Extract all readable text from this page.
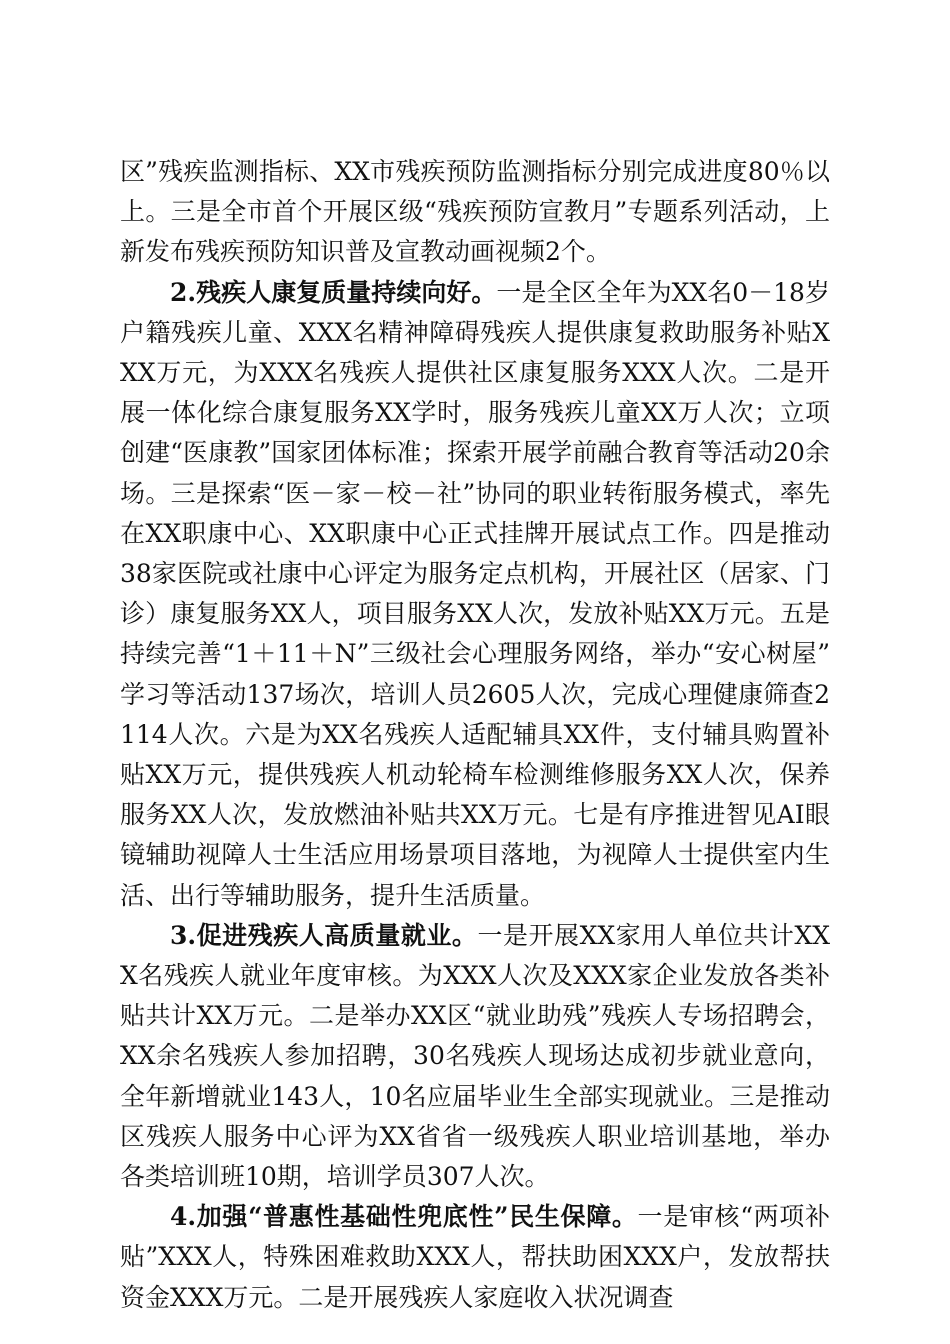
区”残疾监测指标、XX市残疾预防监测指标分别完成进度80％以上。三是全市首个开展区级“残疾预防宣教月”专题系列活动，上新发布残疾预防知识普及宣教动画视频2个。

2.残疾人康复质量持续向好。一是全区全年为XX名0－18岁户籍残疾儿童、XXX名精神障碍残疾人提供康复救助服务补贴XXX万元，为XXX名残疾人提供社区康复服务XXX人次。二是开展一体化综合康复服务XX学时，服务残疾儿童XX万人次；立项创建“医康教”国家团体标准；探索开展学前融合教育等活动20余场。三是探索“医－家－校－社”协同的职业转衔服务模式，率先在XX职康中心、XX职康中心正式挂牌开展试点工作。四是推动38家医院或社康中心评定为服务定点机构，开展社区（居家、门诊）康复服务XX人，项目服务XX人次，发放补贴XX万元。五是持续完善“1＋11＋N”三级社会心理服务网络，举办“安心树屋”学习等活动137场次，培训人员2605人次，完成心理健康筛查2114人次。六是为XX名残疾人适配辅具XX件，支付辅具购置补贴XX万元，提供残疾人机动轮椅车检测维修服务XX人次，保养服务XX人次，发放燃油补贴共XX万元。七是有序推进智见AI眼镜辅助视障人士生活应用场景项目落地，为视障人士提供室内生活、出行等辅助服务，提升生活质量。

3.促进残疾人高质量就业。一是开展XX家用人单位共计XXX名残疾人就业年度审核。为XXX人次及XXX家企业发放各类补贴共计XX万元。二是举办XX区“就业助残”残疾人专场招聘会，XX余名残疾人参加招聘，30名残疾人现场达成初步就业意向，全年新增就业143人，10名应届毕业生全部实现就业。三是推动区残疾人服务中心评为XX省省一级残疾人职业培训基地，举办各类培训班10期，培训学员307人次。

4.加强“普惠性基础性兜底性”民生保障。一是审核“两项补贴”XXX人，特殊困难救助XXX人，帮扶助困XXX户，发放帮扶资金XXX万元。二是开展残疾人家庭收入状况调查
